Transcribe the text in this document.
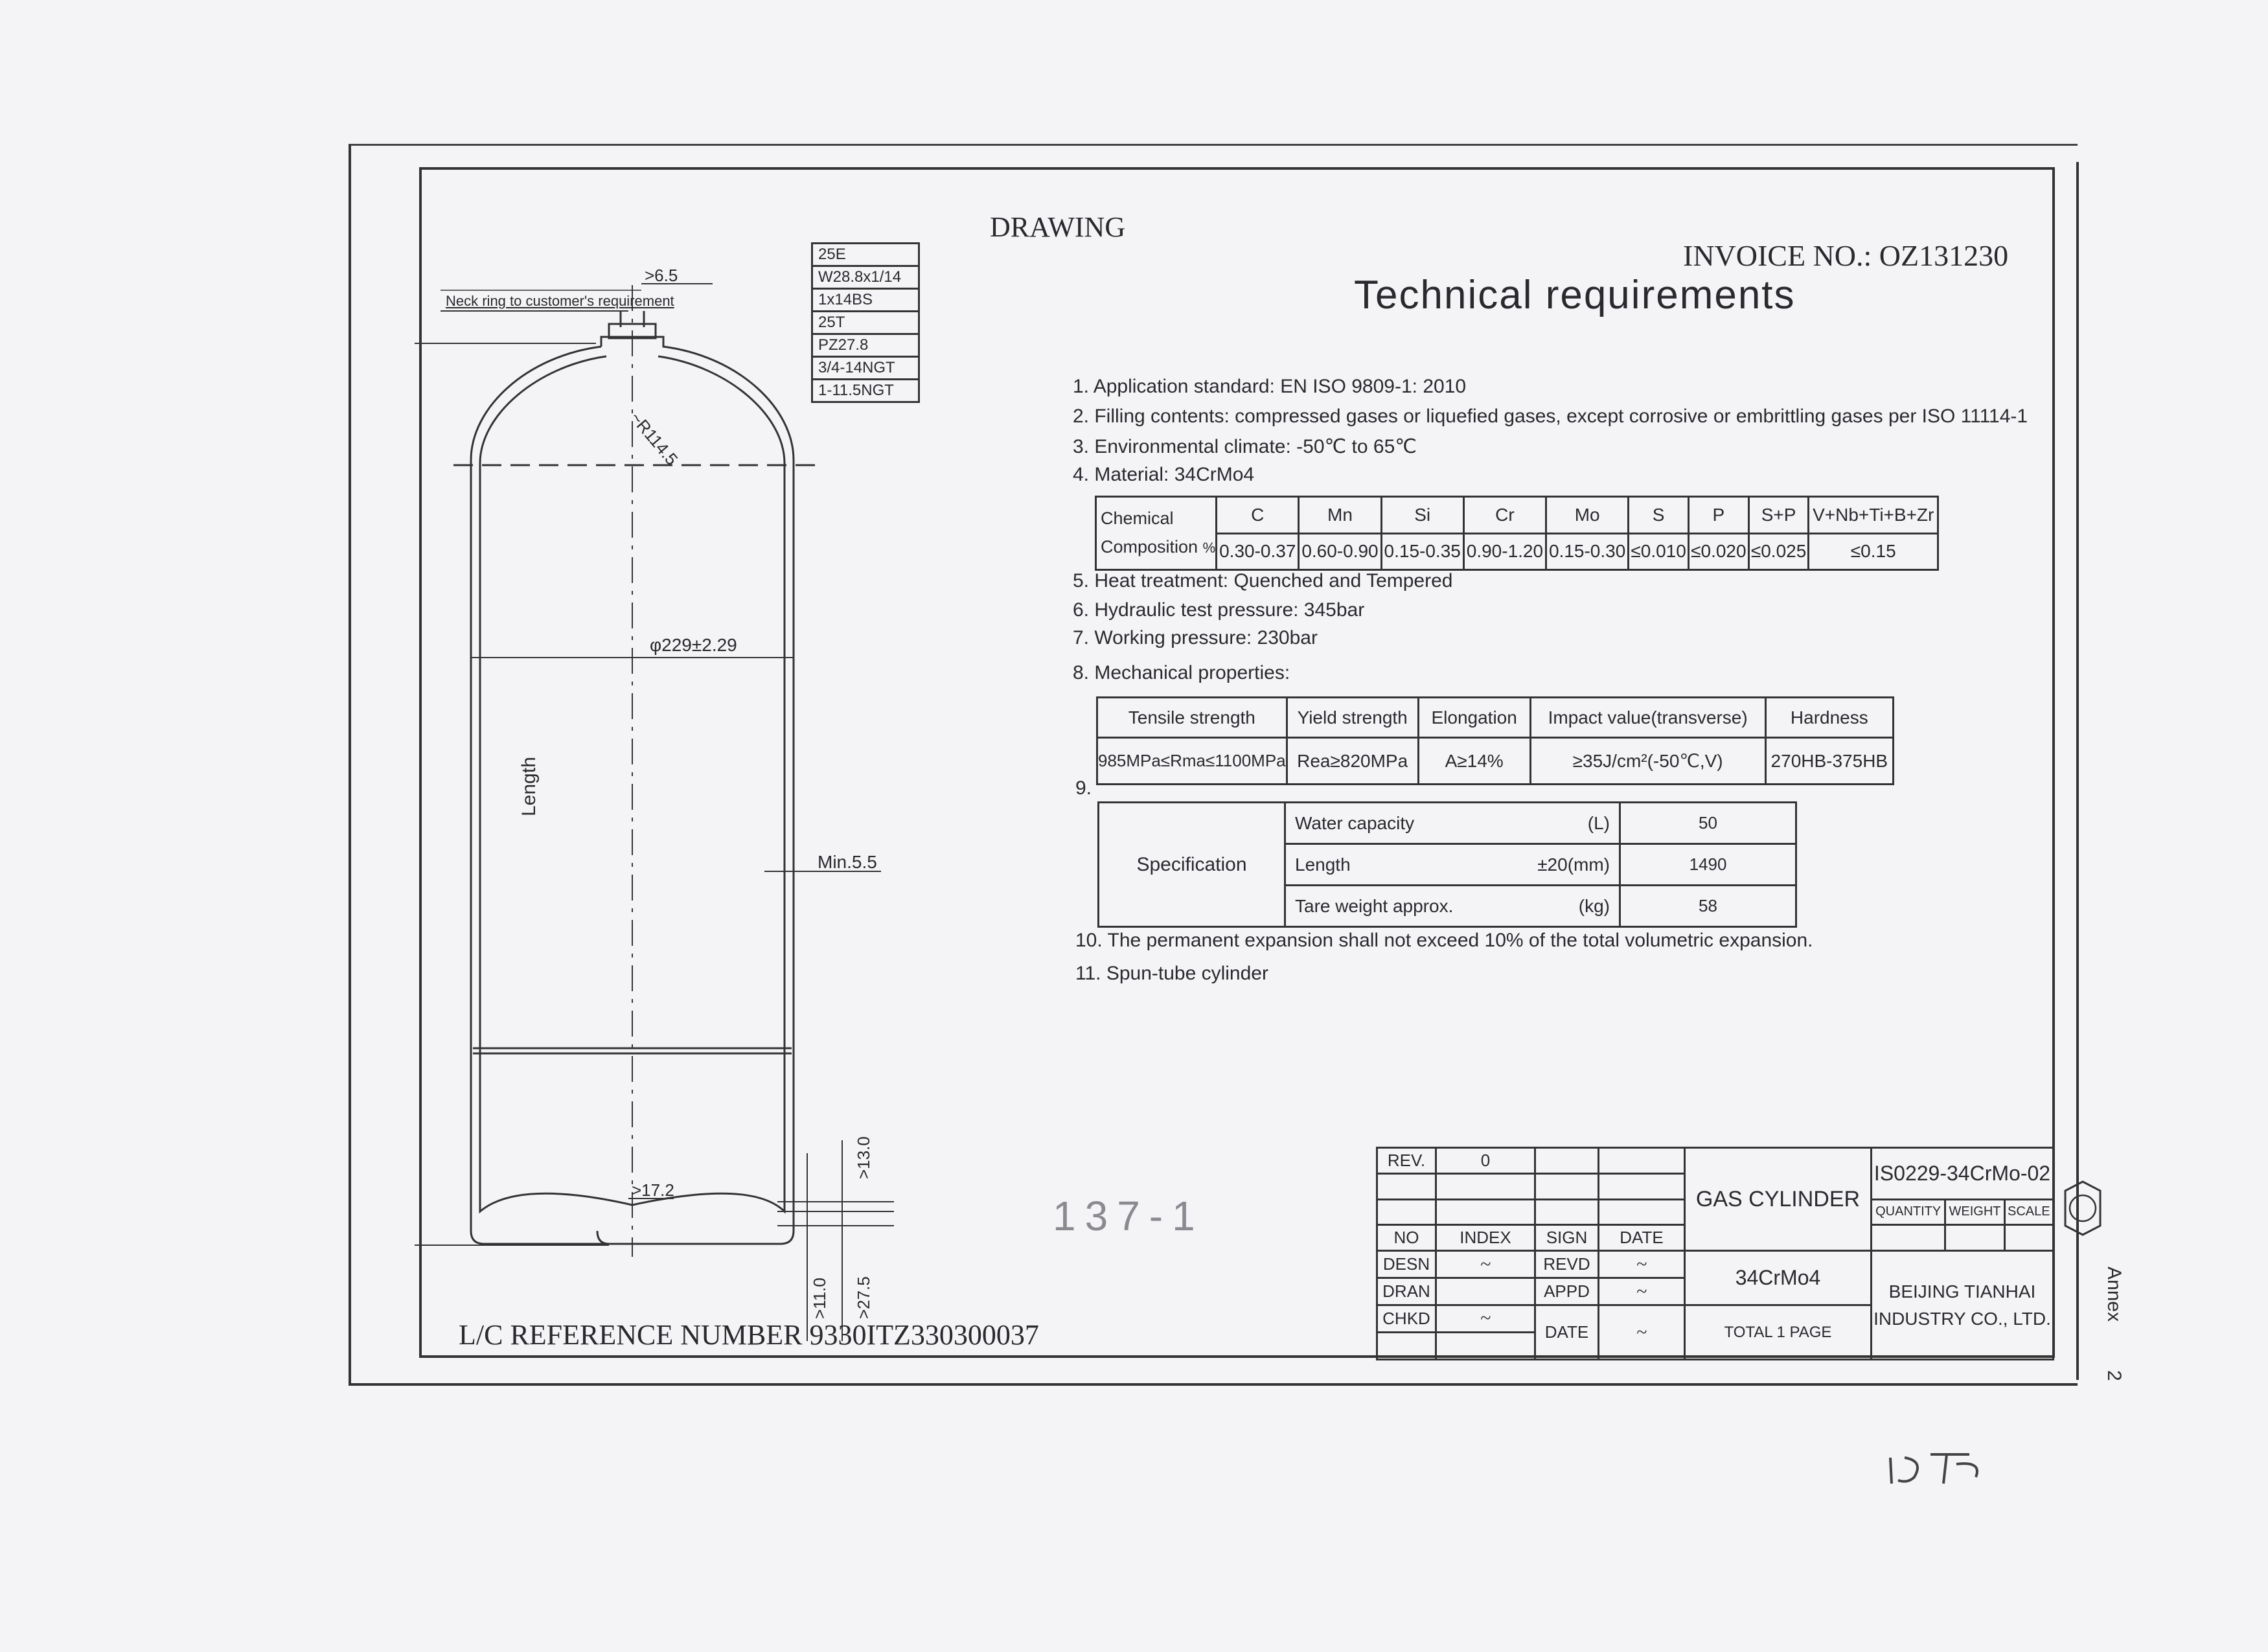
DRAWING
INVOICE NO.: OZ131230
Technical requirements
25E
W28.8x1/14
1x14BS
25T
PZ27.8
3/4-14NGT
1-11.5NGT
Neck ring to customer's requirement
>6.5
~R114.5
φ229±2.29
Length
Min.5.5
>17.2
>13.0
>11.0 >27.5
1. Application standard: EN ISO 9809-1: 2010
2. Filling contents: compressed gases or liquefied gases, except corrosive or embrittling gases per ISO 11114-1
3. Environmental climate: -50℃ to 65℃
4. Material: 34CrMo4
Chemical
Composition %	C	Mn	Si	Cr	Mo	S	P	S+P	V+Nb+Ti+B+Zr
	0.30-0.37	0.60-0.90	0.15-0.35	0.90-1.20	0.15-0.30	≤0.010	≤0.020	≤0.025	≤0.15
5. Heat treatment: Quenched and Tempered
6. Hydraulic test pressure: 345bar
7. Working pressure: 230bar
8. Mechanical properties:
Tensile strength	Yield strength	Elongation	Impact value(transverse)	Hardness
985MPa≤Rma≤1100MPa	Rea≥820MPa	A≥14%	≥35J/cm²(-50℃,V)	270HB-375HB
9.
Specification	Water capacity (L)	50
	Length ±20(mm)	1490
	Tare weight approx. (kg)	58
10. The permanent expansion shall not exceed 10% of the total volumetric expansion.
11. Spun-tube cylinder
137-1
REV.	0			GAS CYLINDER	IS0229-34CrMo-02		

					QUANTITY	WEIGHT	SCALE
NO	INDEX	SIGN	DATE				
DESN	~	REVD	~	34CrMo4	BEIJING TIANHAI
INDUSTRY CO., LTD.		
DRAN		APPD	~				
CHKD	~	DATE	~	TOTAL 1 PAGE			

Annex
2
L/C REFERENCE NUMBER 9330ITZ330300037
